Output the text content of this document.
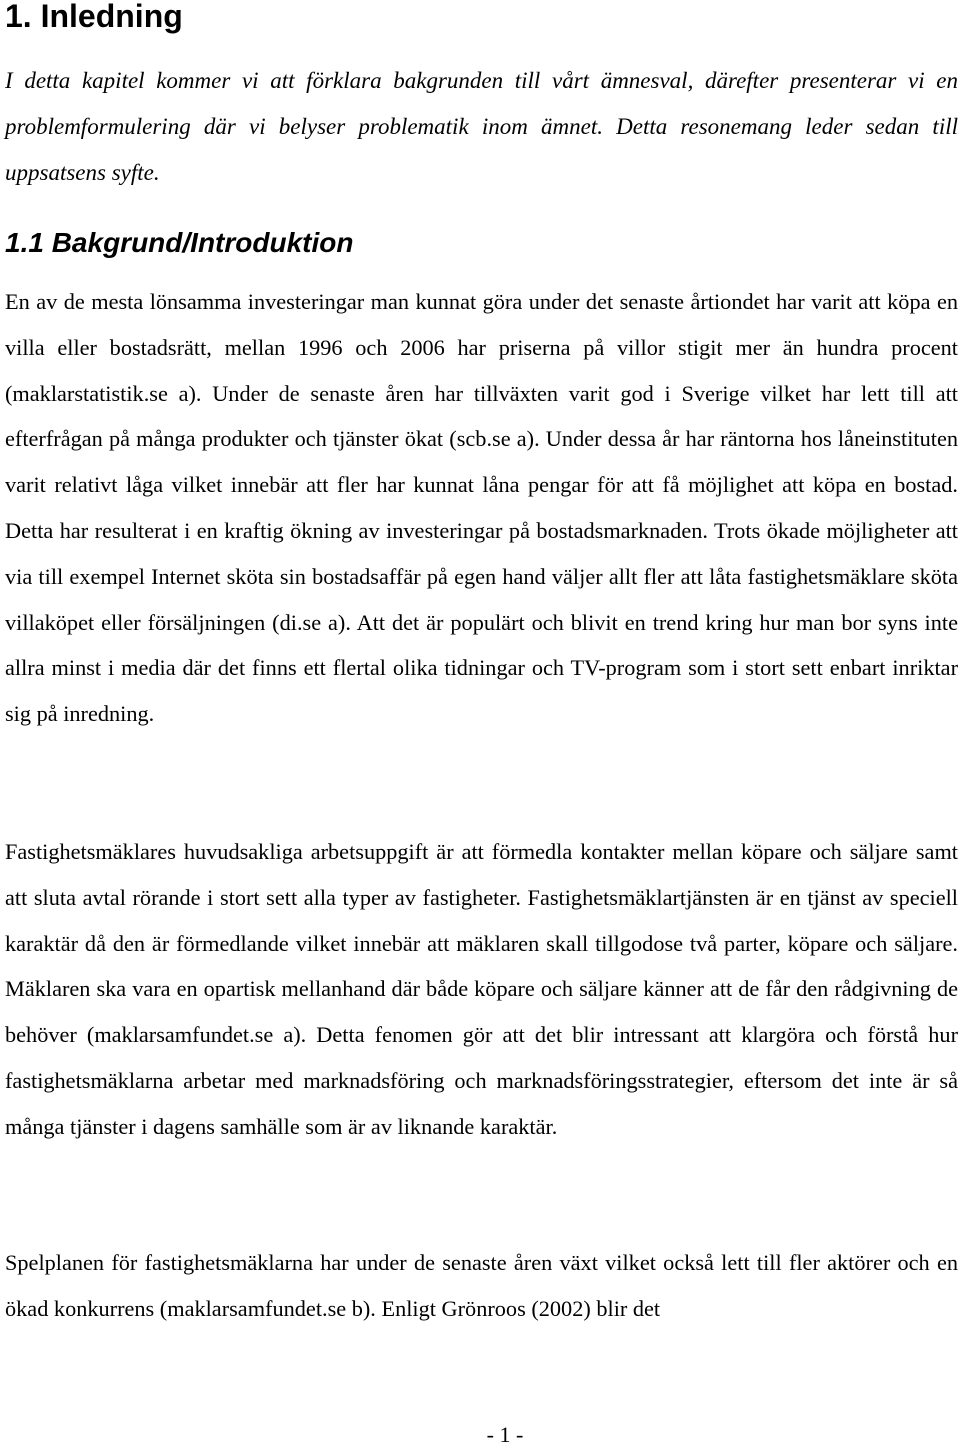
1. Inledning

I detta kapitel kommer vi att förklara bakgrunden till vårt ämnesval, därefter presenterar vi en problemformulering där vi belyser problematik inom ämnet. Detta resonemang leder sedan till uppsatsens syfte.

1.1 Bakgrund/Introduktion

En av de mesta lönsamma investeringar man kunnat göra under det senaste årtiondet har varit att köpa en villa eller bostadsrätt, mellan 1996 och 2006 har priserna på villor stigit mer än hundra procent (maklarstatistik.se a). Under de senaste åren har tillväxten varit god i Sverige vilket har lett till att efterfrågan på många produkter och tjänster ökat (scb.se a). Under dessa år har räntorna hos låneinstituten varit relativt låga vilket innebär att fler har kunnat låna pengar för att få möjlighet att köpa en bostad. Detta har resulterat i en kraftig ökning av investeringar på bostadsmarknaden. Trots ökade möjligheter att via till exempel Internet sköta sin bostadsaffär på egen hand väljer allt fler att låta fastighetsmäklare sköta villaköpet eller försäljningen (di.se a). Att det är populärt och blivit en trend kring hur man bor syns inte allra minst i media där det finns ett flertal olika tidningar och TV-program som i stort sett enbart inriktar sig på inredning.

Fastighetsmäklares huvudsakliga arbetsuppgift är att förmedla kontakter mellan köpare och säljare samt att sluta avtal rörande i stort sett alla typer av fastigheter. Fastighetsmäklartjänsten är en tjänst av speciell karaktär då den är förmedlande vilket innebär att mäklaren skall tillgodose två parter, köpare och säljare. Mäklaren ska vara en opartisk mellanhand där både köpare och säljare känner att de får den rådgivning de behöver (maklarsamfundet.se a). Detta fenomen gör att det blir intressant att klargöra och förstå hur fastighetsmäklarna arbetar med marknadsföring och marknadsföringsstrategier, eftersom det inte är så många tjänster i dagens samhälle som är av liknande karaktär.

Spelplanen för fastighetsmäklarna har under de senaste åren växt vilket också lett till fler aktörer och en ökad konkurrens (maklarsamfundet.se b). Enligt Grönroos (2002) blir det

- 1 -
